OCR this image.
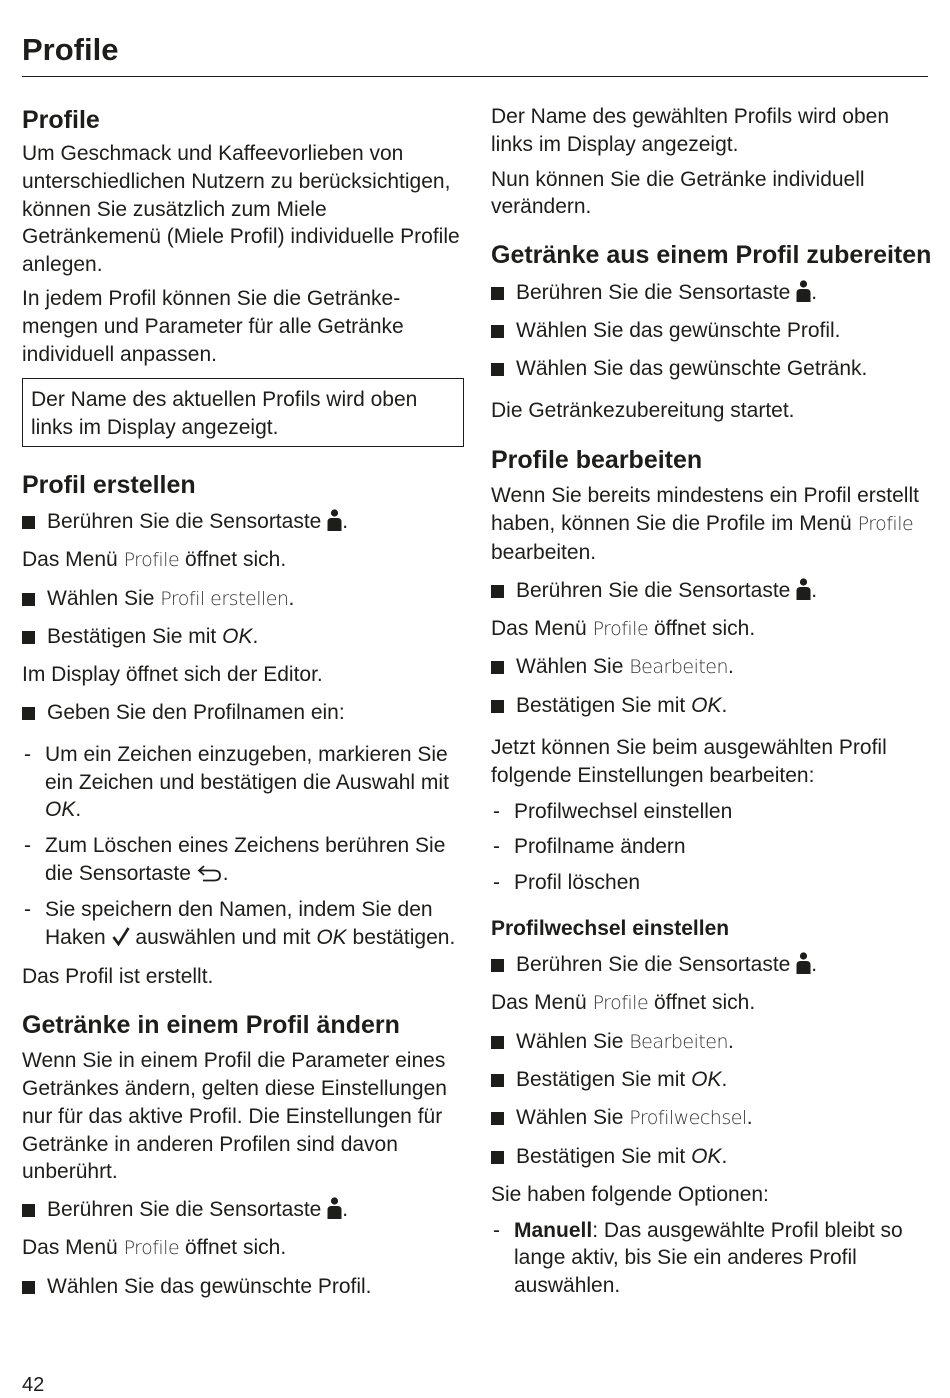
Profile
Profile

Um Geschmack und Kaffeevorlieben von unterschiedlichen Nutzern zu berücksichtigen, können Sie zusätzlich zum Miele Getränkemenü (Miele Profil) individuelle Profile anlegen.

In jedem Profil können Sie die Getränkemengen und Parameter für alle Getränke individuell anpassen.

Der Name des aktuellen Profils wird oben links im Display angezeigt.
Profil erstellen
Berühren Sie die Sensortaste .

Das Menü Profile öffnet sich.

Wählen Sie Profil erstellen.
Bestätigen Sie mit OK.

Im Display öffnet sich der Editor.

Geben Sie den Profilnamen ein:
- Um ein Zeichen einzugeben, markieren Sie ein Zeichen und bestätigen die Auswahl mit OK.
- Zum Löschen eines Zeichens berühren Sie die Sensortaste .
- Sie speichern den Namen, indem Sie den Haken auswählen und mit OK bestätigen.

Das Profil ist erstellt.

Getränke in einem Profil ändern

Wenn Sie in einem Profil die Parameter eines Getränkes ändern, gelten diese Einstellungen nur für das aktive Profil. Die Einstellungen für Getränke in anderen Profilen sind davon unberührt.

Berühren Sie die Sensortaste .

Das Menü Profile öffnet sich.

Wählen Sie das gewünschte Profil.

Der Name des gewählten Profils wird oben links im Display angezeigt.

Nun können Sie die Getränke individuell verändern.

Getränke aus einem Profil zubereiten
Berühren Sie die Sensortaste .
Wählen Sie das gewünschte Profil.
Wählen Sie das gewünschte Getränk.

Die Getränkezubereitung startet.

Profile bearbeiten

Wenn Sie bereits mindestens ein Profil erstellt haben, können Sie die Profile im Menü Profile bearbeiten.

Berühren Sie die Sensortaste .

Das Menü Profile öffnet sich.

Wählen Sie Bearbeiten.
Bestätigen Sie mit OK.

Jetzt können Sie beim ausgewählten Profil folgende Einstellungen bearbeiten:

- Profilwechsel einstellen
- Profilname ändern
- Profil löschen
Profilwechsel einstellen
Berühren Sie die Sensortaste .

Das Menü Profile öffnet sich.

Wählen Sie Bearbeiten.
Bestätigen Sie mit OK.
Wählen Sie Profilwechsel.
Bestätigen Sie mit OK.

Sie haben folgende Optionen:

- Manuell: Das ausgewählte Profil bleibt so lange aktiv, bis Sie ein anderes Profil auswählen.
42
